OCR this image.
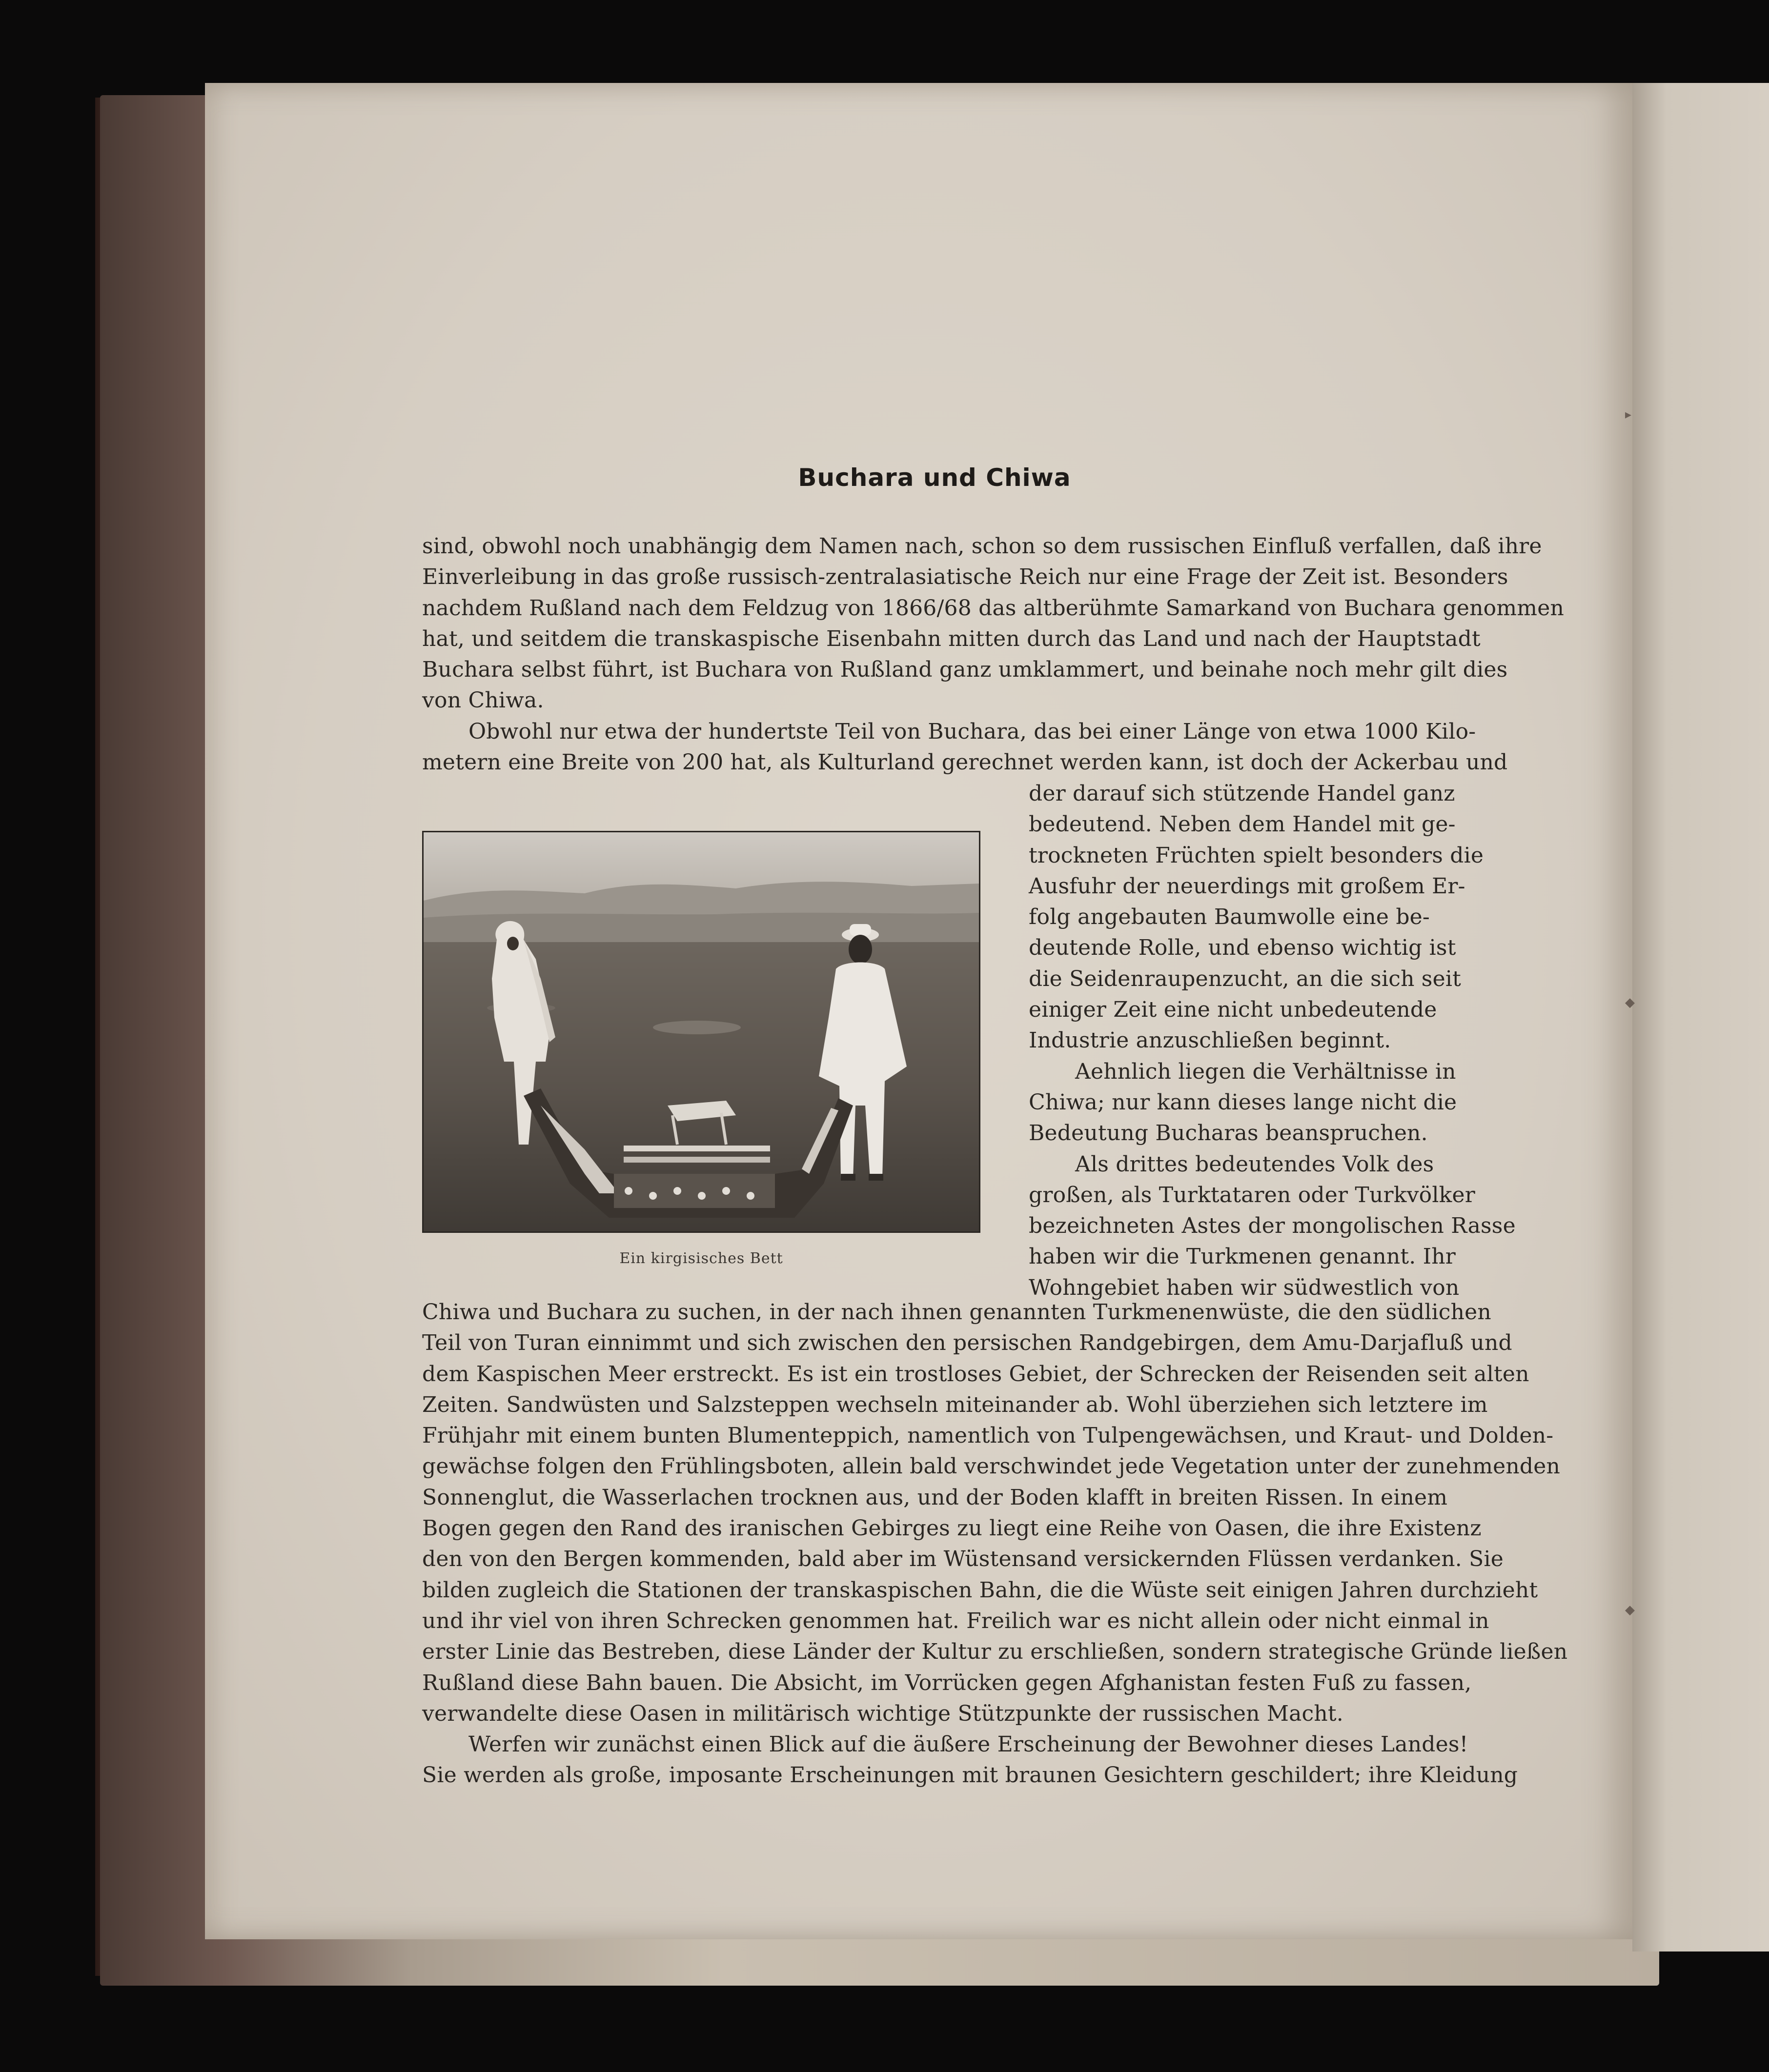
Buchara und Chiwa
sind, obwohl noch unabhängig dem Namen nach, schon so dem russischen Einfluß verfallen, daß ihre
Einverleibung in das große russisch-zentralasiatische Reich nur eine Frage der Zeit ist. Besonders
nachdem Rußland nach dem Feldzug von 1866/68 das altberühmte Samarkand von Buchara genommen
hat, und seitdem die transkaspische Eisenbahn mitten durch das Land und nach der Hauptstadt
Buchara selbst führt, ist Buchara von Rußland ganz umklammert, und beinahe noch mehr gilt dies
von Chiwa.
Obwohl nur etwa der hundertste Teil von Buchara, das bei einer Länge von etwa 1000 Kilo-
metern eine Breite von 200 hat, als Kulturland gerechnet werden kann, ist doch der Ackerbau und
der darauf sich stützende Handel ganz
bedeutend. Neben dem Handel mit ge-
trockneten Früchten spielt besonders die
Ausfuhr der neuerdings mit großem Er-
folg angebauten Baumwolle eine be-
deutende Rolle, und ebenso wichtig ist
die Seidenraupenzucht, an die sich seit
einiger Zeit eine nicht unbedeutende
Industrie anzuschließen beginnt.
Aehnlich liegen die Verhältnisse in
Chiwa; nur kann dieses lange nicht die
Bedeutung Bucharas beanspruchen.
Als drittes bedeutendes Volk des
großen, als Turktataren oder Turkvölker
bezeichneten Astes der mongolischen Rasse
haben wir die Turkmenen genannt. Ihr
Wohngebiet haben wir südwestlich von
Ein kirgisisches Bett
Chiwa und Buchara zu suchen, in der nach ihnen genannten Turkmenenwüste, die den südlichen
Teil von Turan einnimmt und sich zwischen den persischen Randgebirgen, dem Amu-Darjafluß und
dem Kaspischen Meer erstreckt. Es ist ein trostloses Gebiet, der Schrecken der Reisenden seit alten
Zeiten. Sandwüsten und Salzsteppen wechseln miteinander ab. Wohl überziehen sich letztere im
Frühjahr mit einem bunten Blumenteppich, namentlich von Tulpengewächsen, und Kraut- und Dolden-
gewächse folgen den Frühlingsboten, allein bald verschwindet jede Vegetation unter der zunehmenden
Sonnenglut, die Wasserlachen trocknen aus, und der Boden klafft in breiten Rissen. In einem
Bogen gegen den Rand des iranischen Gebirges zu liegt eine Reihe von Oasen, die ihre Existenz
den von den Bergen kommenden, bald aber im Wüstensand versickernden Flüssen verdanken. Sie
bilden zugleich die Stationen der transkaspischen Bahn, die die Wüste seit einigen Jahren durchzieht
und ihr viel von ihren Schrecken genommen hat. Freilich war es nicht allein oder nicht einmal in
erster Linie das Bestreben, diese Länder der Kultur zu erschließen, sondern strategische Gründe ließen
Rußland diese Bahn bauen. Die Absicht, im Vorrücken gegen Afghanistan festen Fuß zu fassen,
verwandelte diese Oasen in militärisch wichtige Stützpunkte der russischen Macht.
Werfen wir zunächst einen Blick auf die äußere Erscheinung der Bewohner dieses Landes!
Sie werden als große, imposante Erscheinungen mit braunen Gesichtern geschildert; ihre Kleidung
▸
◆
◆
